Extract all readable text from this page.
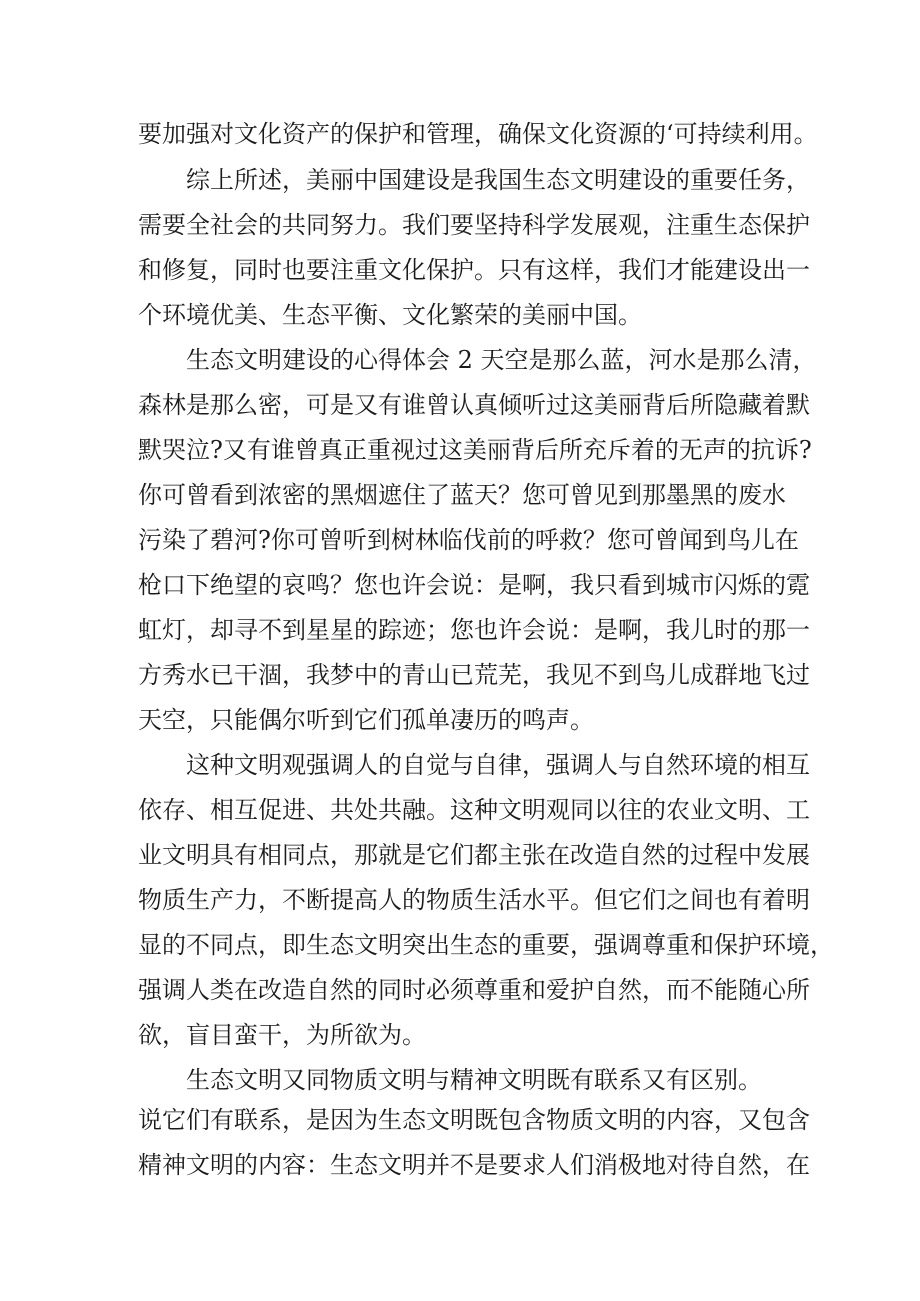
要加强对文化资产的保护和管理，确保文化资源的‘可持续利用。

综上所述，美丽中国建设是我国生态文明建设的重要任务，

需要全社会的共同努力。我们要坚持科学发展观，注重生态保护

和修复，同时也要注重文化保护。只有这样，我们才能建设出一

个环境优美、生态平衡、文化繁荣的美丽中国。

生态文明建设的心得体会 2 天空是那么蓝，河水是那么清，

森林是那么密，可是又有谁曾认真倾听过这美丽背后所隐藏着默

默哭泣?又有谁曾真正重视过这美丽背后所充斥着的无声的抗诉?

你可曾看到浓密的黑烟遮住了蓝天？您可曾见到那墨黑的废水

污染了碧河?你可曾听到树林临伐前的呼救？您可曾闻到鸟儿在

枪口下绝望的哀鸣？您也许会说：是啊，我只看到城市闪烁的霓

虹灯，却寻不到星星的踪迹；您也许会说：是啊，我儿时的那一

方秀水已干涸，我梦中的青山已荒芜，我见不到鸟儿成群地飞过

天空，只能偶尔听到它们孤单凄历的鸣声。

这种文明观强调人的自觉与自律，强调人与自然环境的相互

依存、相互促进、共处共融。这种文明观同以往的农业文明、工

业文明具有相同点，那就是它们都主张在改造自然的过程中发展

物质生产力，不断提高人的物质生活水平。但它们之间也有着明

显的不同点，即生态文明突出生态的重要，强调尊重和保护环境，

强调人类在改造自然的同时必须尊重和爱护自然，而不能随心所

欲，盲目蛮干，为所欲为。

生态文明又同物质文明与精神文明既有联系又有区别。

说它们有联系，是因为生态文明既包含物质文明的内容，又包含

精神文明的内容：生态文明并不是要求人们消极地对待自然，在
